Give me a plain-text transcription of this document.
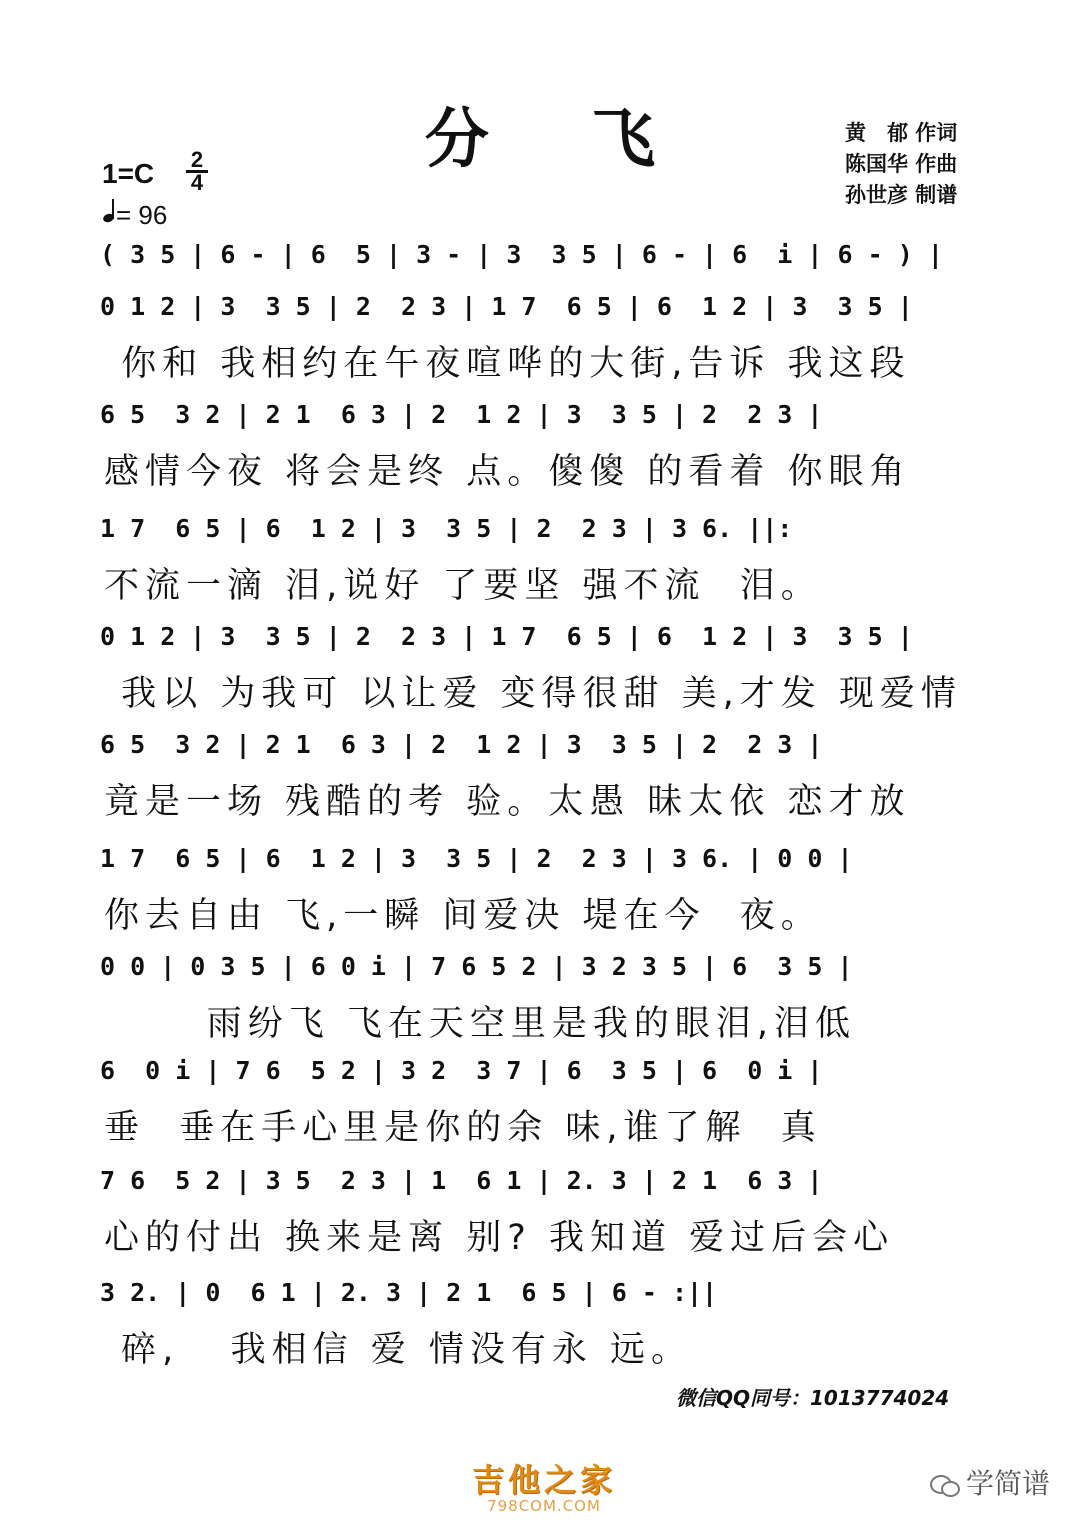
分 飞	黄　郁 作词
陈国华 作曲
孙世彦 制谱
1=C 2
4
= 96
( 3 5 | 6 - | 6  5 | 3 - | 3  3 5 | 6 - | 6  i | 6 - ) |
0 1 2 | 3  3 5 | 2  2 3 | 1 7  6 5 | 6  1 2 | 3  3 5 |
你和 我相约在午夜喧哗的大街,告诉 我这段
6 5  3 2 | 2 1  6 3 | 2  1 2 | 3  3 5 | 2  2 3 |
感情今夜 将会是终 点。傻傻 的看着 你眼角
1 7  6 5 | 6  1 2 | 3  3 5 | 2  2 3 | 3 6. ||:
不流一滴 泪,说好 了要坚 强不流  泪。
0 1 2 | 3  3 5 | 2  2 3 | 1 7  6 5 | 6  1 2 | 3  3 5 |
我以 为我可 以让爱 变得很甜 美,才发 现爱情
6 5  3 2 | 2 1  6 3 | 2  1 2 | 3  3 5 | 2  2 3 |
竟是一场 残酷的考 验。太愚 昧太依 恋才放
1 7  6 5 | 6  1 2 | 3  3 5 | 2  2 3 | 3 6. | 0 0 |
你去自由 飞,一瞬 间爱决 堤在今  夜。
0 0 | 0 3 5 | 6 0 i | 7 6 5 2 | 3 2 3 5 | 6  3 5 |
雨纷飞 飞在天空里是我的眼泪,泪低
6  0 i | 7 6  5 2 | 3 2  3 7 | 6  3 5 | 6  0 i |
垂  垂在手心里是你的余 味,谁了解  真
7 6  5 2 | 3 5  2 3 | 1  6 1 | 2. 3 | 2 1  6 3 |
心的付出 换来是离 别? 我知道 爱过后会心
3 2. | 0  6 1 | 2. 3 | 2 1  6 5 | 6 - :||
碎,   我相信 爱 情没有永 远。
微信QQ同号：1013774024
吉他之家
798COM.COM
学简谱
